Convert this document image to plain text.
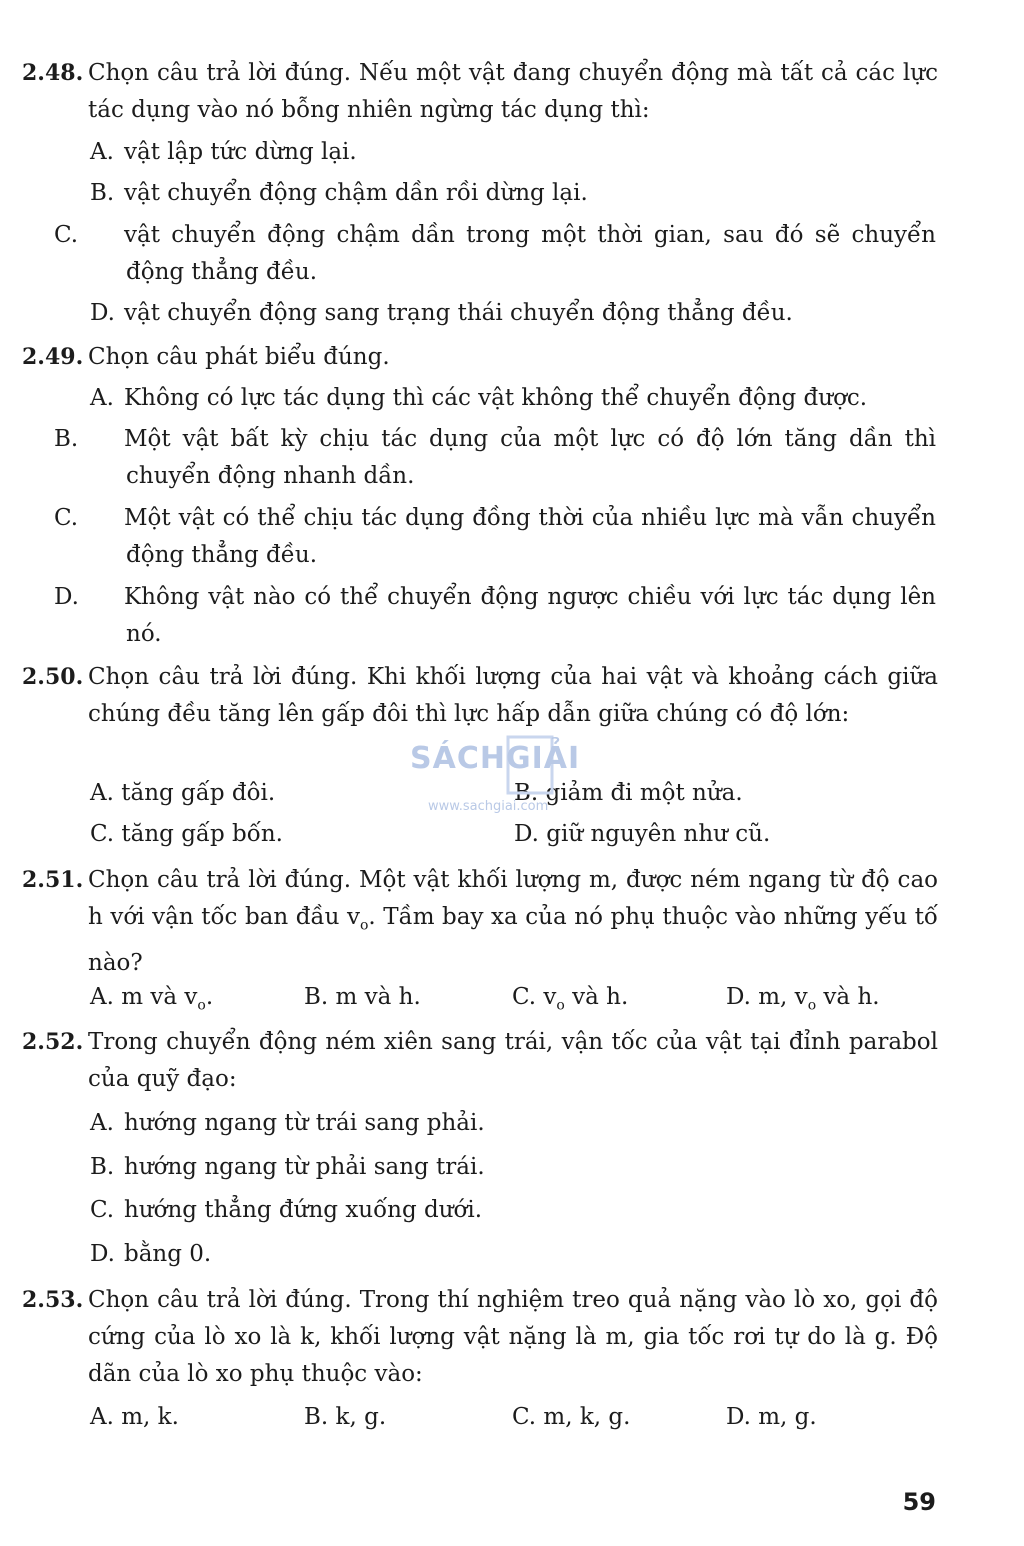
2.48. Chọn câu trả lời đúng. Nếu một vật đang chuyển động mà tất cả các lực tác dụng vào nó bỗng nhiên ngừng tác dụng thì:
A. vật lập tức dừng lại.
B. vật chuyển động chậm dần rồi dừng lại.
C. vật chuyển động chậm dần trong một thời gian, sau đó sẽ chuyển động thẳng đều.
D. vật chuyển động sang trạng thái chuyển động thẳng đều.
2.49. Chọn câu phát biểu đúng.
A. Không có lực tác dụng thì các vật không thể chuyển động được.
B. Một vật bất kỳ chịu tác dụng của một lực có độ lớn tăng dần thì chuyển động nhanh dần.
C. Một vật có thể chịu tác dụng đồng thời của nhiều lực mà vẫn chuyển động thẳng đều.
D. Không vật nào có thể chuyển động ngược chiều với lực tác dụng lên nó.
2.50. Chọn câu trả lời đúng. Khi khối lượng của hai vật và khoảng cách giữa chúng đều tăng lên gấp đôi thì lực hấp dẫn giữa chúng có độ lớn:
A. tăng gấp đôi.	B. giảm đi một nửa.
C. tăng gấp bốn.	D. giữ nguyên như cũ.
SÁCHGIẢI
www.sachgiai.com
2.51. Chọn câu trả lời đúng. Một vật khối lượng m, được ném ngang từ độ cao h với vận tốc ban đầu $v_o$. Tầm bay xa của nó phụ thuộc vào những yếu tố nào?
A. m và $v_o$.	B. m và h.	C. $v_o$ và h.	D. m, $v_o$ và h.
2.52. Trong chuyển động ném xiên sang trái, vận tốc của vật tại đỉnh parabol của quỹ đạo:
A. hướng ngang từ trái sang phải.
B. hướng ngang từ phải sang trái.
C. hướng thẳng đứng xuống dưới.
D. bằng 0.
2.53. Chọn câu trả lời đúng. Trong thí nghiệm treo quả nặng vào lò xo, gọi độ cứng của lò xo là k, khối lượng vật nặng là m, gia tốc rơi tự do là g. Độ dãn của lò xo phụ thuộc vào:
A. m, k.	B. k, g.	C. m, k, g.	D. m, g.
59
